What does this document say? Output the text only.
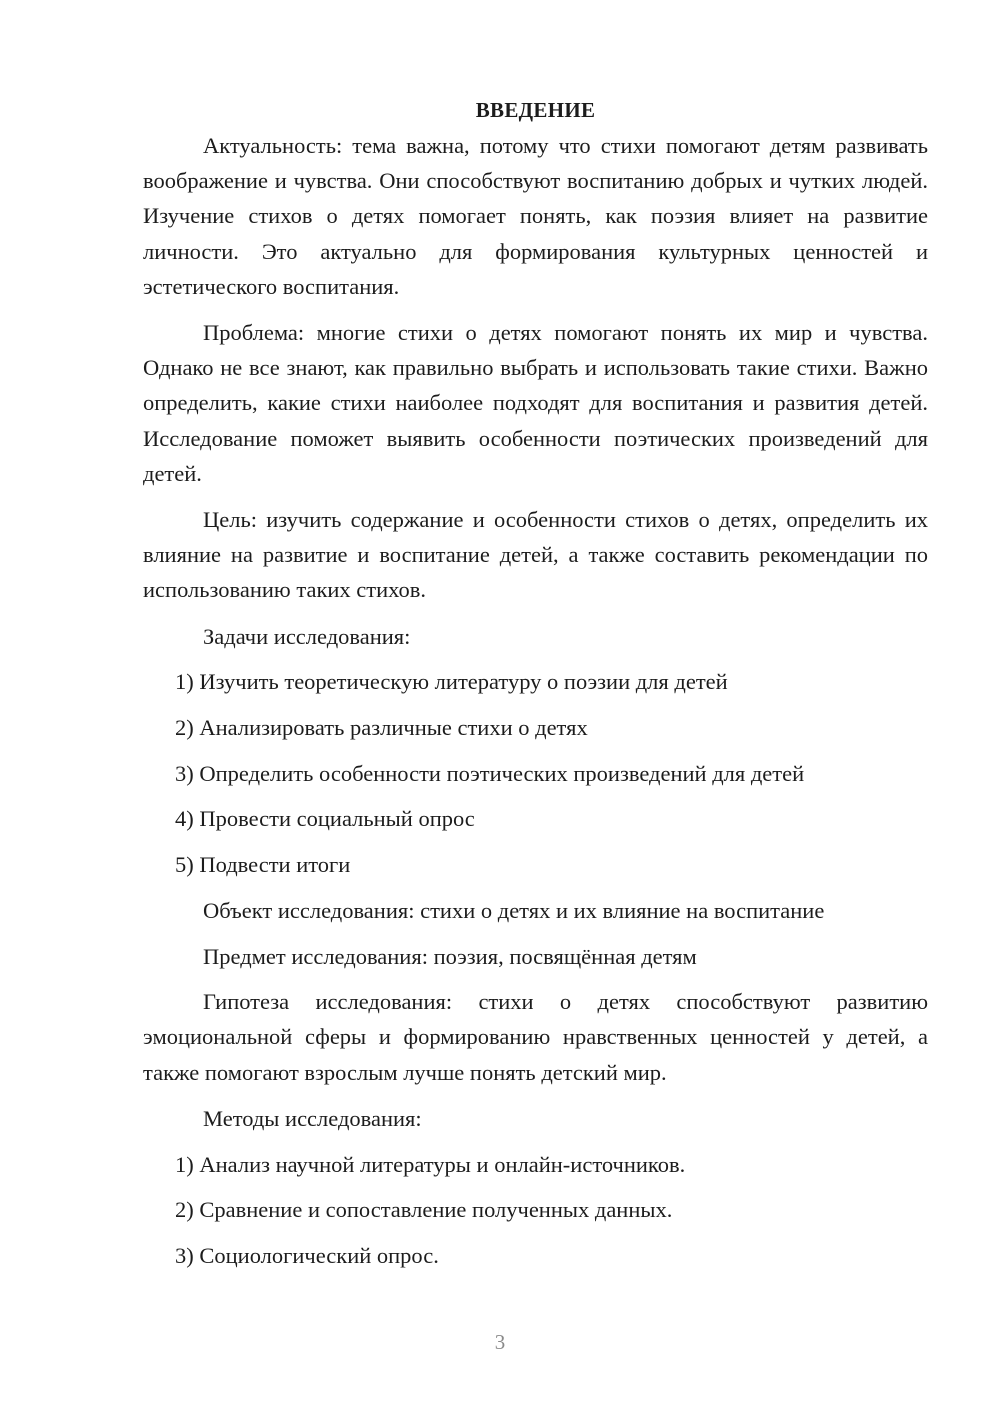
ВВЕДЕНИЕ

Актуальность: тема важна, потому что стихи помогают детям развивать воображение и чувства. Они способствуют воспитанию добрых и чутких людей. Изучение стихов о детях помогает понять, как поэзия влияет на развитие личности. Это актуально для формирования культурных ценностей и эстетического воспитания.

Проблема: многие стихи о детях помогают понять их мир и чувства. Однако не все знают, как правильно выбрать и использовать такие стихи. Важно определить, какие стихи наиболее подходят для воспитания и развития детей. Исследование поможет выявить особенности поэтических произведений для детей.

Цель: изучить содержание и особенности стихов о детях, определить их влияние на развитие и воспитание детей, а также составить рекомендации по использованию таких стихов.

Задачи исследования:
1) Изучить теоретическую литературу о поэзии для детей
2) Анализировать различные стихи о детях
3) Определить особенности поэтических произведений для детей
4) Провести социальный опрос
5) Подвести итоги
Объект исследования: стихи о детях и их влияние на воспитание
Предмет исследования: поэзия, посвящённая детям

Гипотеза исследования: стихи о детях способствуют развитию эмоциональной сферы и формированию нравственных ценностей у детей, а также помогают взрослым лучше понять детский мир.

Методы исследования:
1) Анализ научной литературы и онлайн-источников.
2) Сравнение и сопоставление полученных данных.
3) Социологический опрос.
3
